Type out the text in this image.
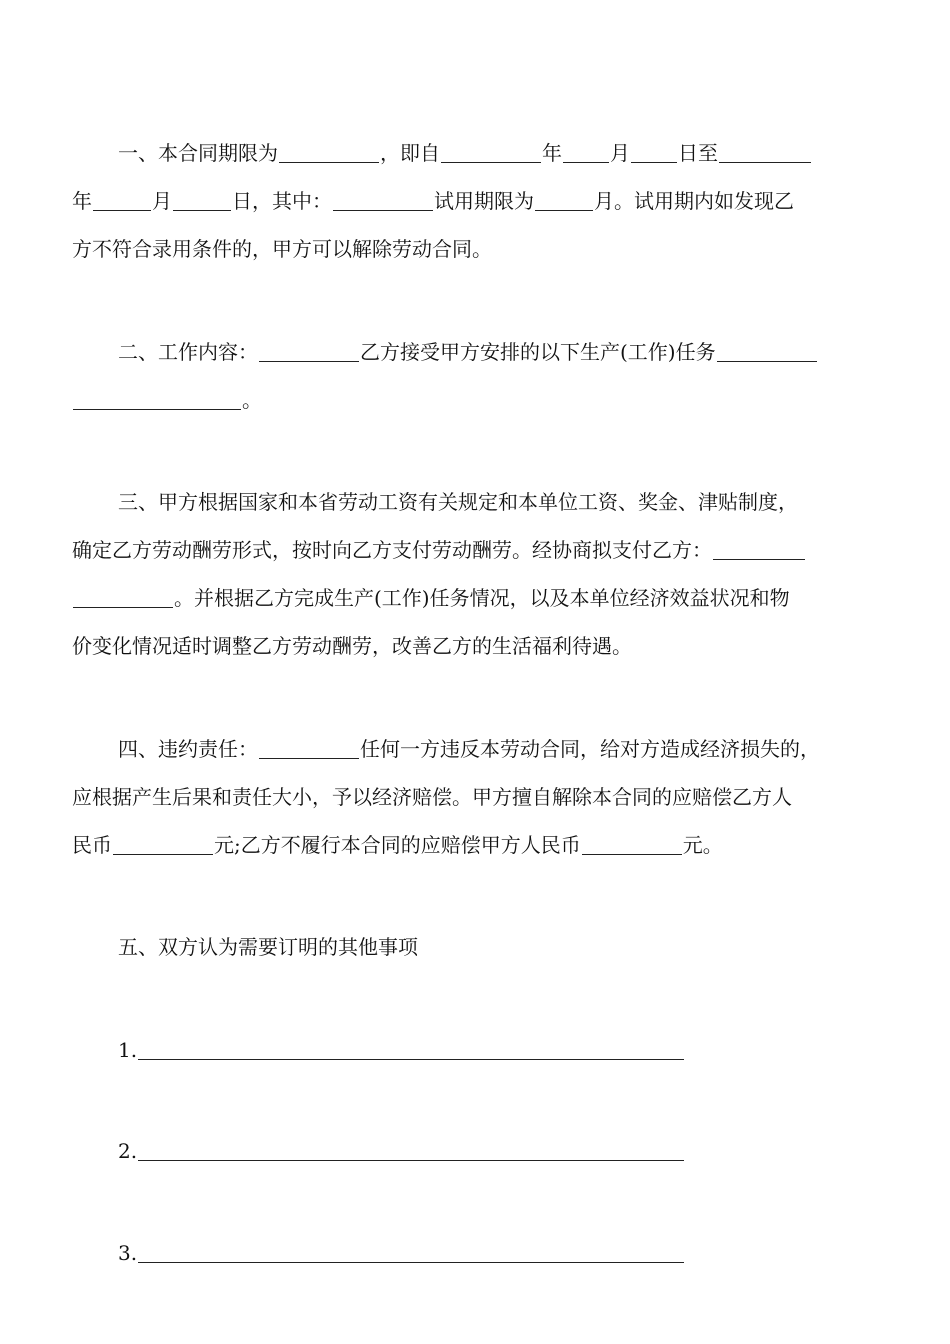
一、本合同期限为	，即自	年 月 日至
年	月	日，其中：	试用期限为	月。试用期内如发现乙
方不符合录用条件的，甲方可以解除劳动合同。
二、工作内容：	乙方接受甲方安排的以下生产(工作)任务
。
三、甲方根据国家和本省劳动工资有关规定和本单位工资、奖金、津贴制度，
确定乙方劳动酬劳形式，按时向乙方支付劳动酬劳。经协商拟支付乙方：
。并根据乙方完成生产(工作)任务情况，以及本单位经济效益状况和物
价变化情况适时调整乙方劳动酬劳，改善乙方的生活福利待遇。
四、违约责任：	任何一方违反本劳动合同，给对方造成经济损失的，
应根据产生后果和责任大小，予以经济赔偿。甲方擅自解除本合同的应赔偿乙方人
民币	元;乙方不履行本合同的应赔偿甲方人民币	元。
五、双方认为需要订明的其他事项
1.
2.
3.
